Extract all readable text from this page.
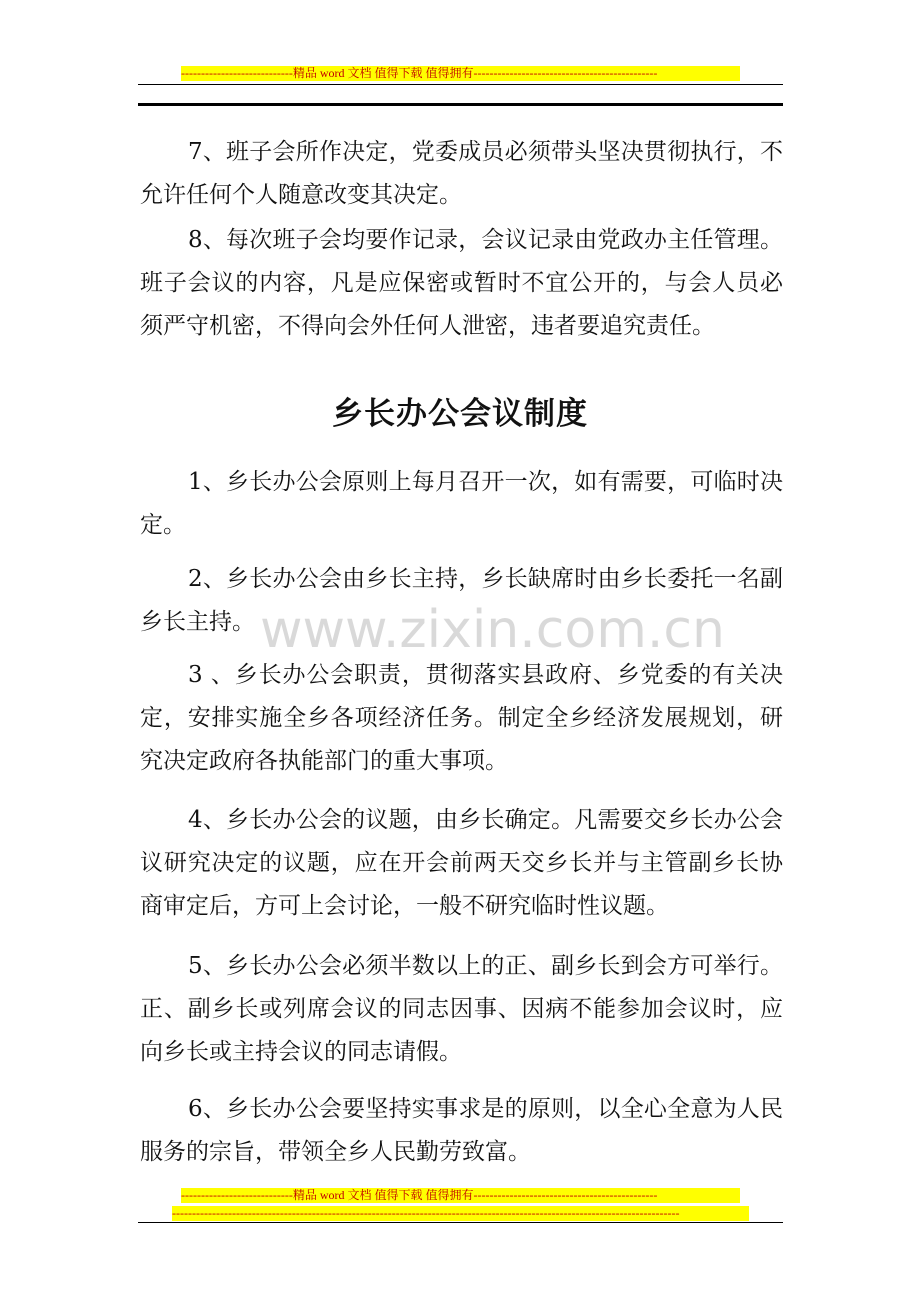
----------------------------精品 word 文档 值得下载 值得拥有----------------------------------------------

7、班子会所作决定，党委成员必须带头坚决贯彻执行，不允许任何个人随意改变其决定。

8、每次班子会均要作记录，会议记录由党政办主任管理。班子会议的内容，凡是应保密或暂时不宜公开的，与会人员必须严守机密，不得向会外任何人泄密，违者要追究责任。

乡长办公会议制度

1、乡长办公会原则上每月召开一次，如有需要，可临时决定。

2、乡长办公会由乡长主持，乡长缺席时由乡长委托一名副乡长主持。

3 、乡长办公会职责，贯彻落实县政府、乡党委的有关决定，安排实施全乡各项经济任务。制定全乡经济发展规划，研究决定政府各执能部门的重大事项。

4、乡长办公会的议题，由乡长确定。凡需要交乡长办公会议研究决定的议题，应在开会前两天交乡长并与主管副乡长协商审定后，方可上会讨论，一般不研究临时性议题。

5、乡长办公会必须半数以上的正、副乡长到会方可举行。正、副乡长或列席会议的同志因事、因病不能参加会议时，应向乡长或主持会议的同志请假。

6、乡长办公会要坚持实事求是的原则，以全心全意为人民服务的宗旨，带领全乡人民勤劳致富。

www.zixin.com.cn
----------------------------精品 word 文档 值得下载 值得拥有----------------------------------------------
-------------------------------------------------------------------------------------------------------------------------------
